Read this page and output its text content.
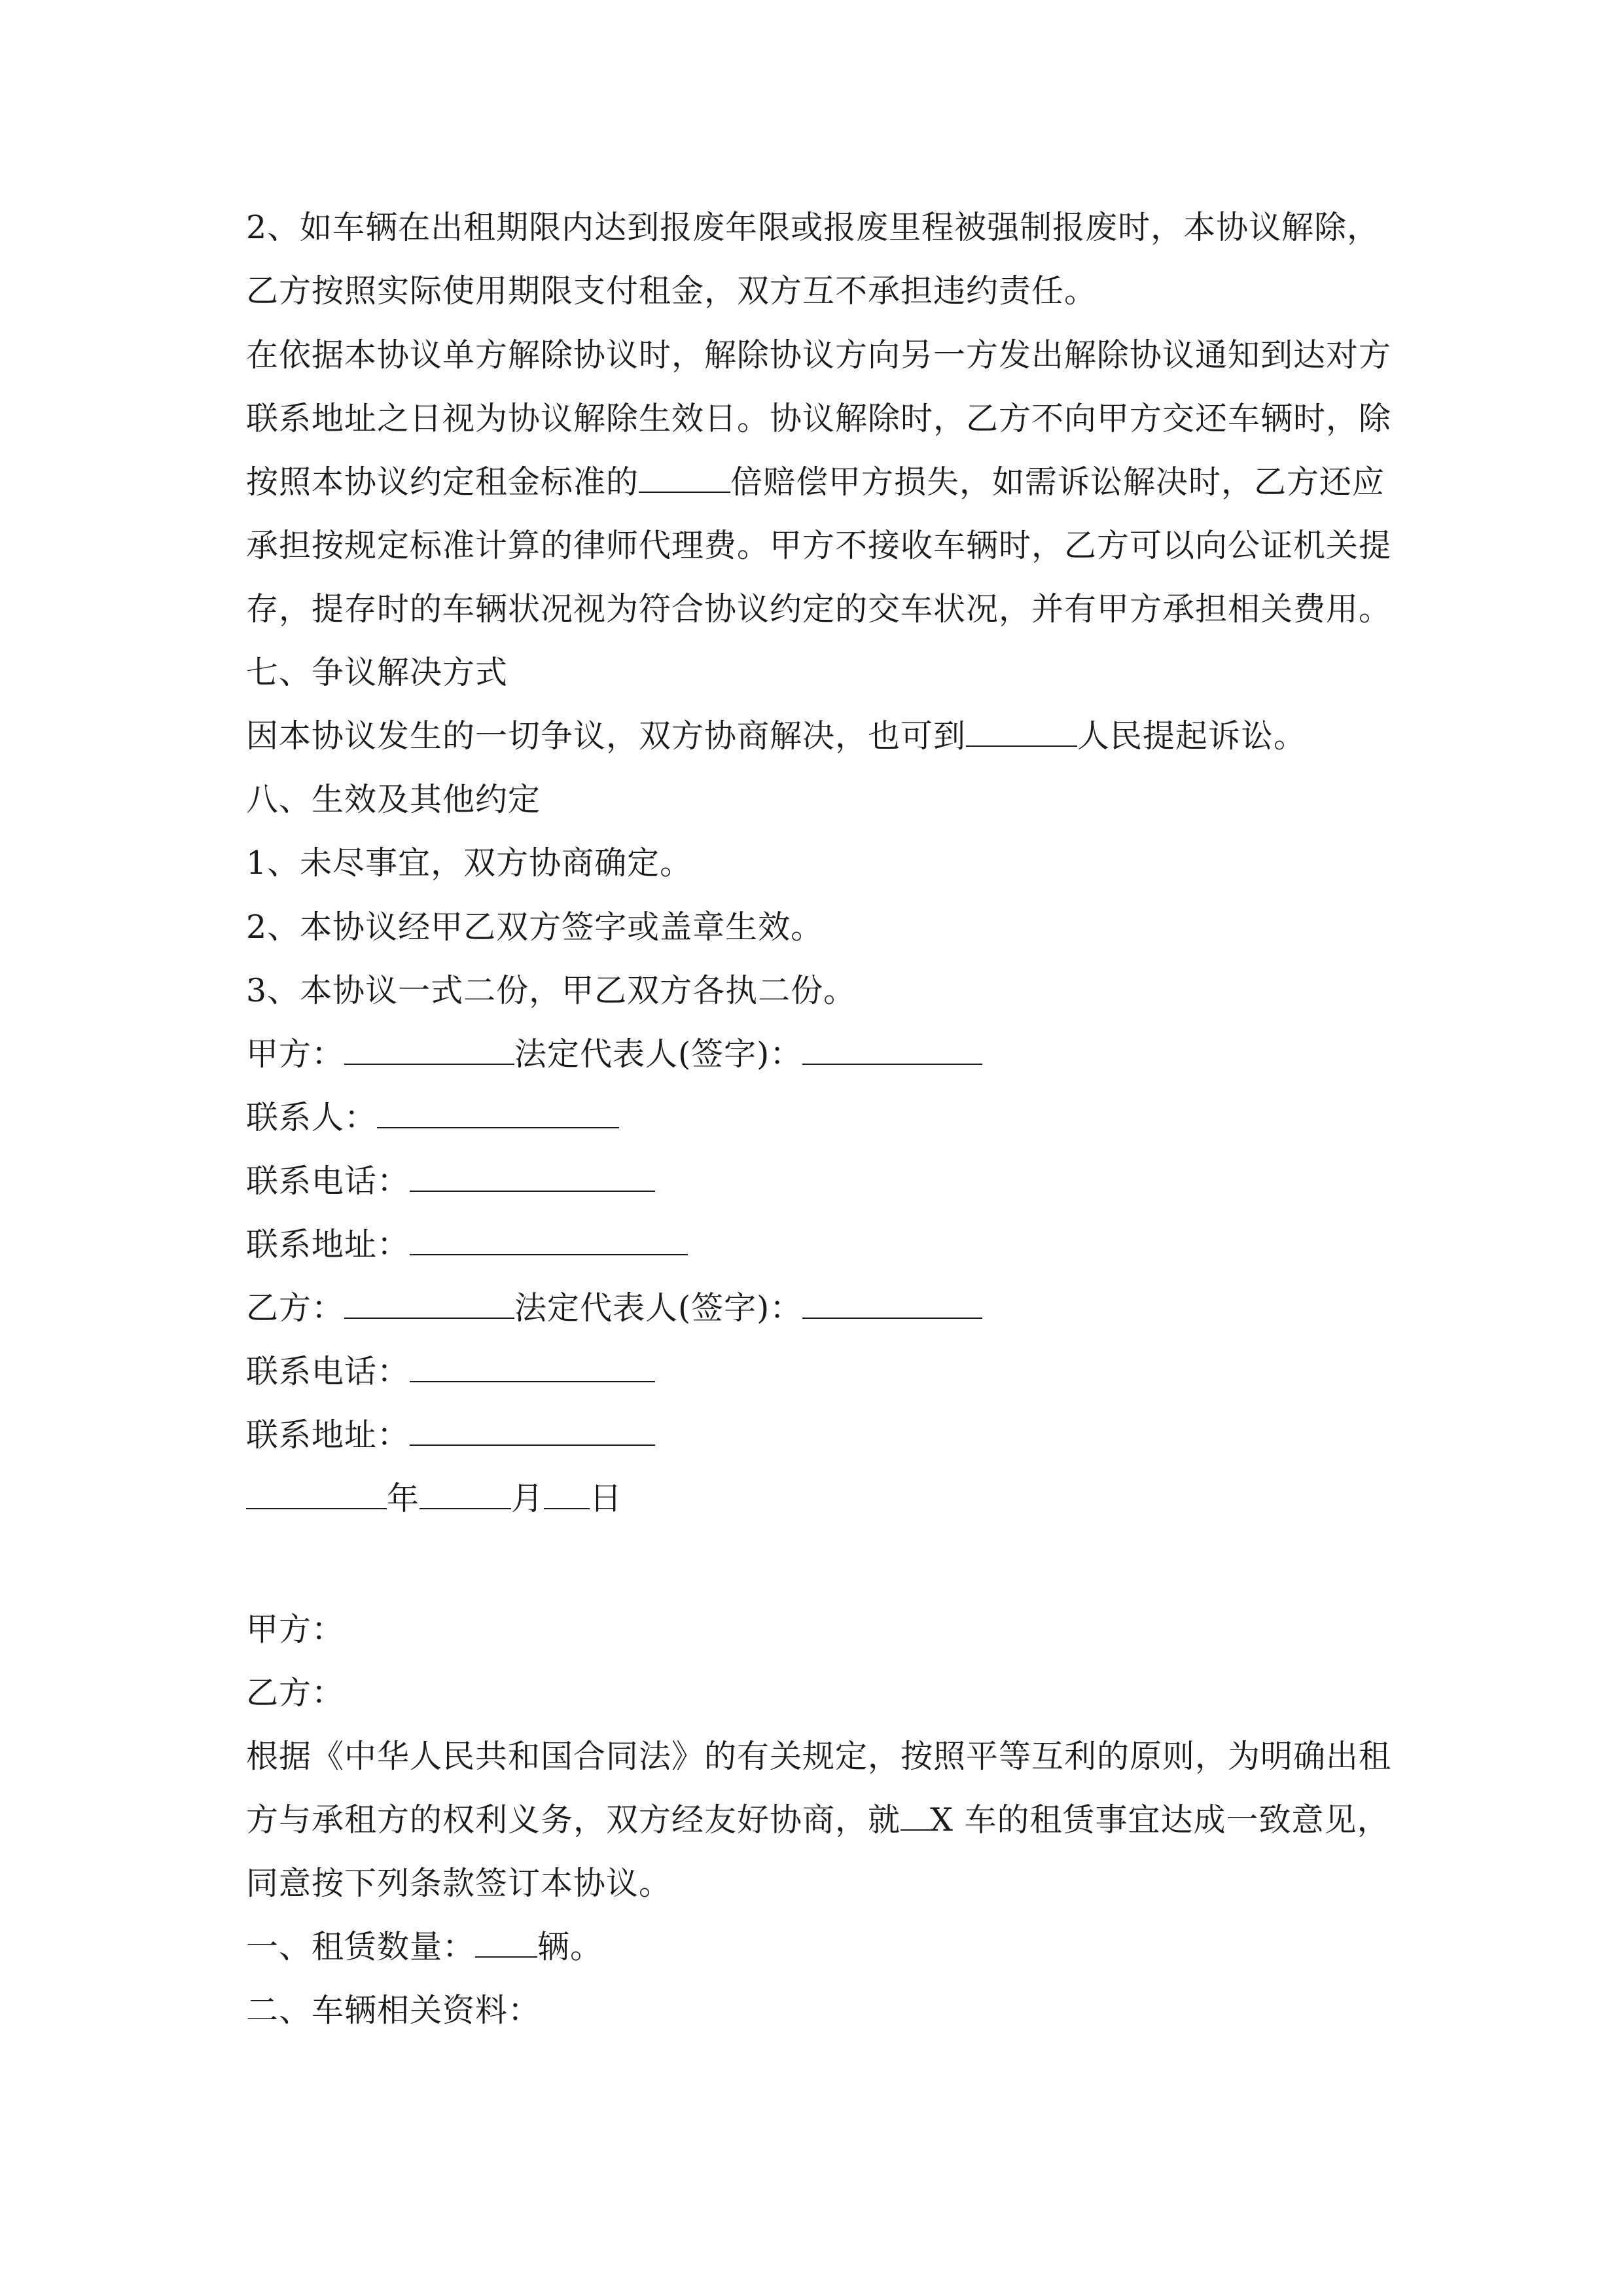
2、如车辆在出租期限内达到报废年限或报废里程被强制报废时，本协议解除，
乙方按照实际使用期限支付租金，双方互不承担违约责任。
在依据本协议单方解除协议时，解除协议方向另一方发出解除协议通知到达对方
联系地址之日视为协议解除生效日。协议解除时，乙方不向甲方交还车辆时，除
按照本协议约定租金标准的	倍赔偿甲方损失，如需诉讼解决时，乙方还应
承担按规定标准计算的律师代理费。甲方不接收车辆时，乙方可以向公证机关提
存，提存时的车辆状况视为符合协议约定的交车状况，并有甲方承担相关费用。
七、争议解决方式
因本协议发生的一切争议，双方协商解决，也可到	人民提起诉讼。
八、生效及其他约定
1、未尽事宜，双方协商确定。
2、本协议经甲乙双方签字或盖章生效。
3、本协议一式二份，甲乙双方各执二份。
甲方：	法定代表人(签字)：
联系人：
联系电话：
联系地址：
乙方：	法定代表人(签字)：
联系电话：
联系地址：
年	月 日
甲方：
乙方：
根据《中华人民共和国合同法》的有关规定，按照平等互利的原则，为明确出租
方与承租方的权利义务，双方经友好协商，就 X 车的租赁事宜达成一致意见，
同意按下列条款签订本协议。
一、租赁数量： 辆。
二、车辆相关资料：
